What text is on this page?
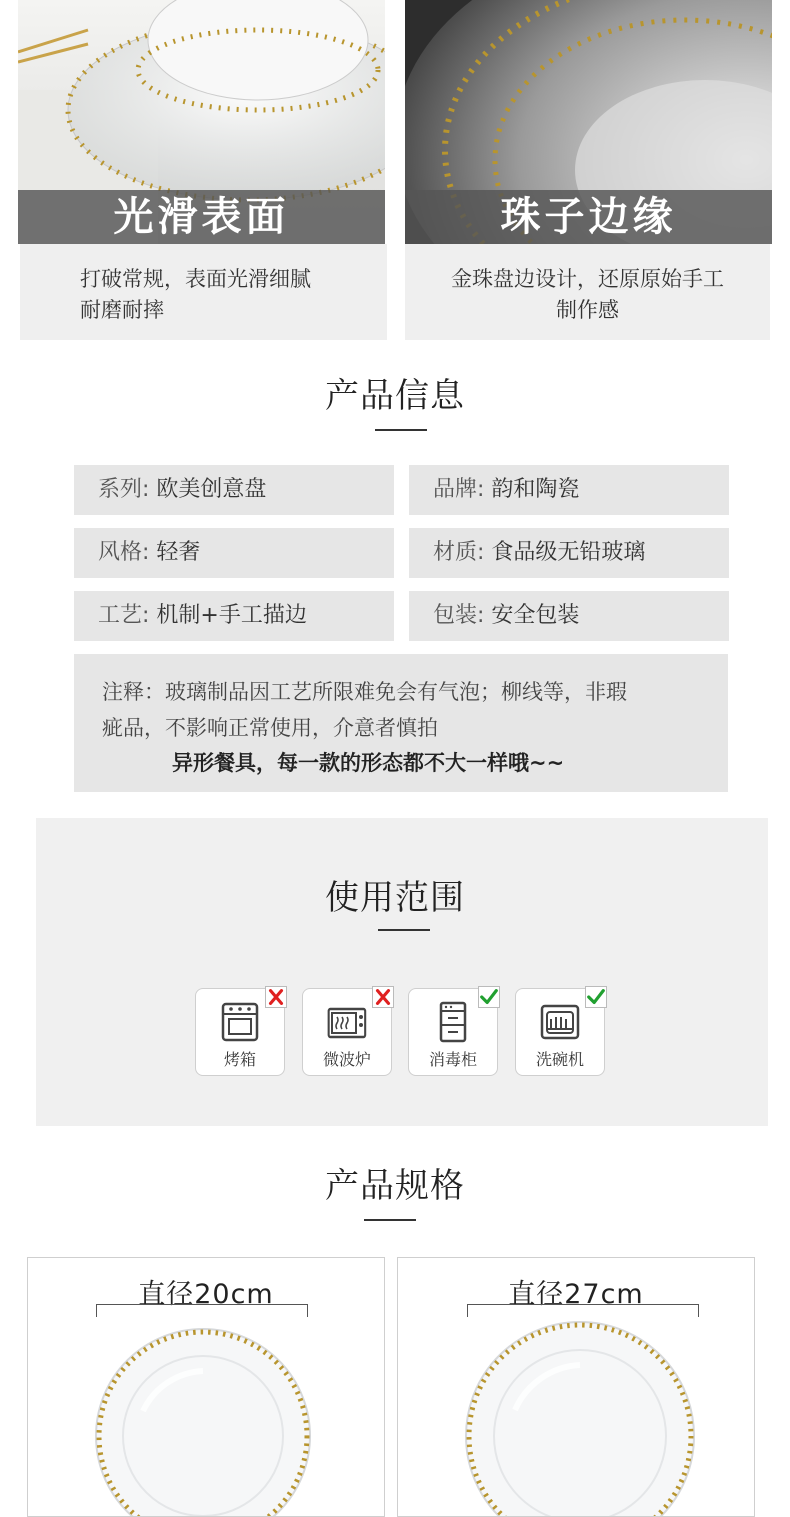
光滑表面	珠子边缘
打破常规，表面光滑细腻
耐磨耐摔
金珠盘边设计，还原原始手工
制作感
产品信息
系列: 欧美创意盘	品牌: 韵和陶瓷
风格: 轻奢	材质: 食品级无铅玻璃
工艺: 机制+手工描边	包装: 安全包装
注释：玻璃制品因工艺所限难免会有气泡；柳线等，非瑕
疵品，不影响正常使用，介意者慎拍
异形餐具，每一款的形态都不大一样哦~~
使用范围
烤箱	微波炉	消毒柜	洗碗机
产品规格
直径20cm	直径27cm
